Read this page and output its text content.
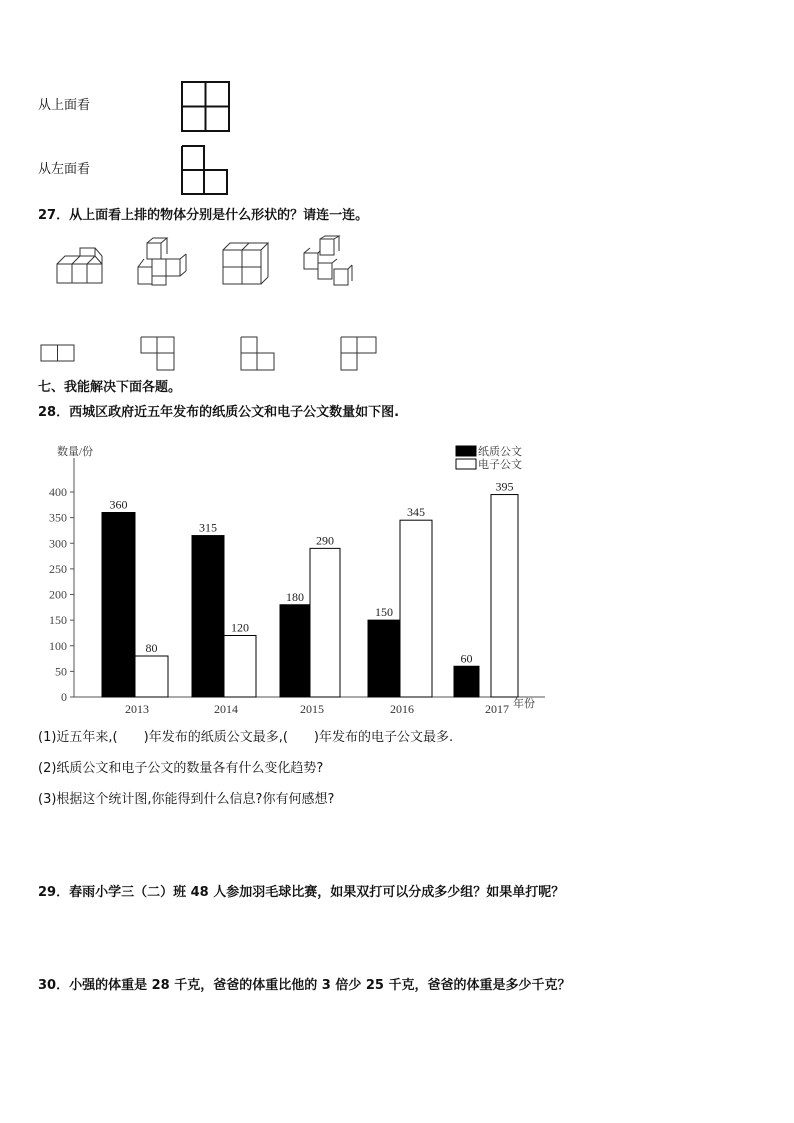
从上面看
从左面看
27．从上面看上排的物体分别是什么形状的？请连一连。
七、我能解决下面各题。
28．西城区政府近五年发布的纸质公文和电子公文数量如下图.
数量/份
年份
0
50
100
150
200
250
300
350
400
360
80
2013
315
120
2014
180
290
2015
150
345
2016
60
395
2017
纸质公文
电子公文
(1)近五年来,(　　)年发布的纸质公文最多,(　　)年发布的电子公文最多.
(2)纸质公文和电子公文的数量各有什么变化趋势?
(3)根据这个统计图,你能得到什么信息?你有何感想?
29．春雨小学三（二）班 48 人参加羽毛球比赛，如果双打可以分成多少组？如果单打呢？
30．小强的体重是 28 千克，爸爸的体重比他的 3 倍少 25 千克，爸爸的体重是多少千克？
